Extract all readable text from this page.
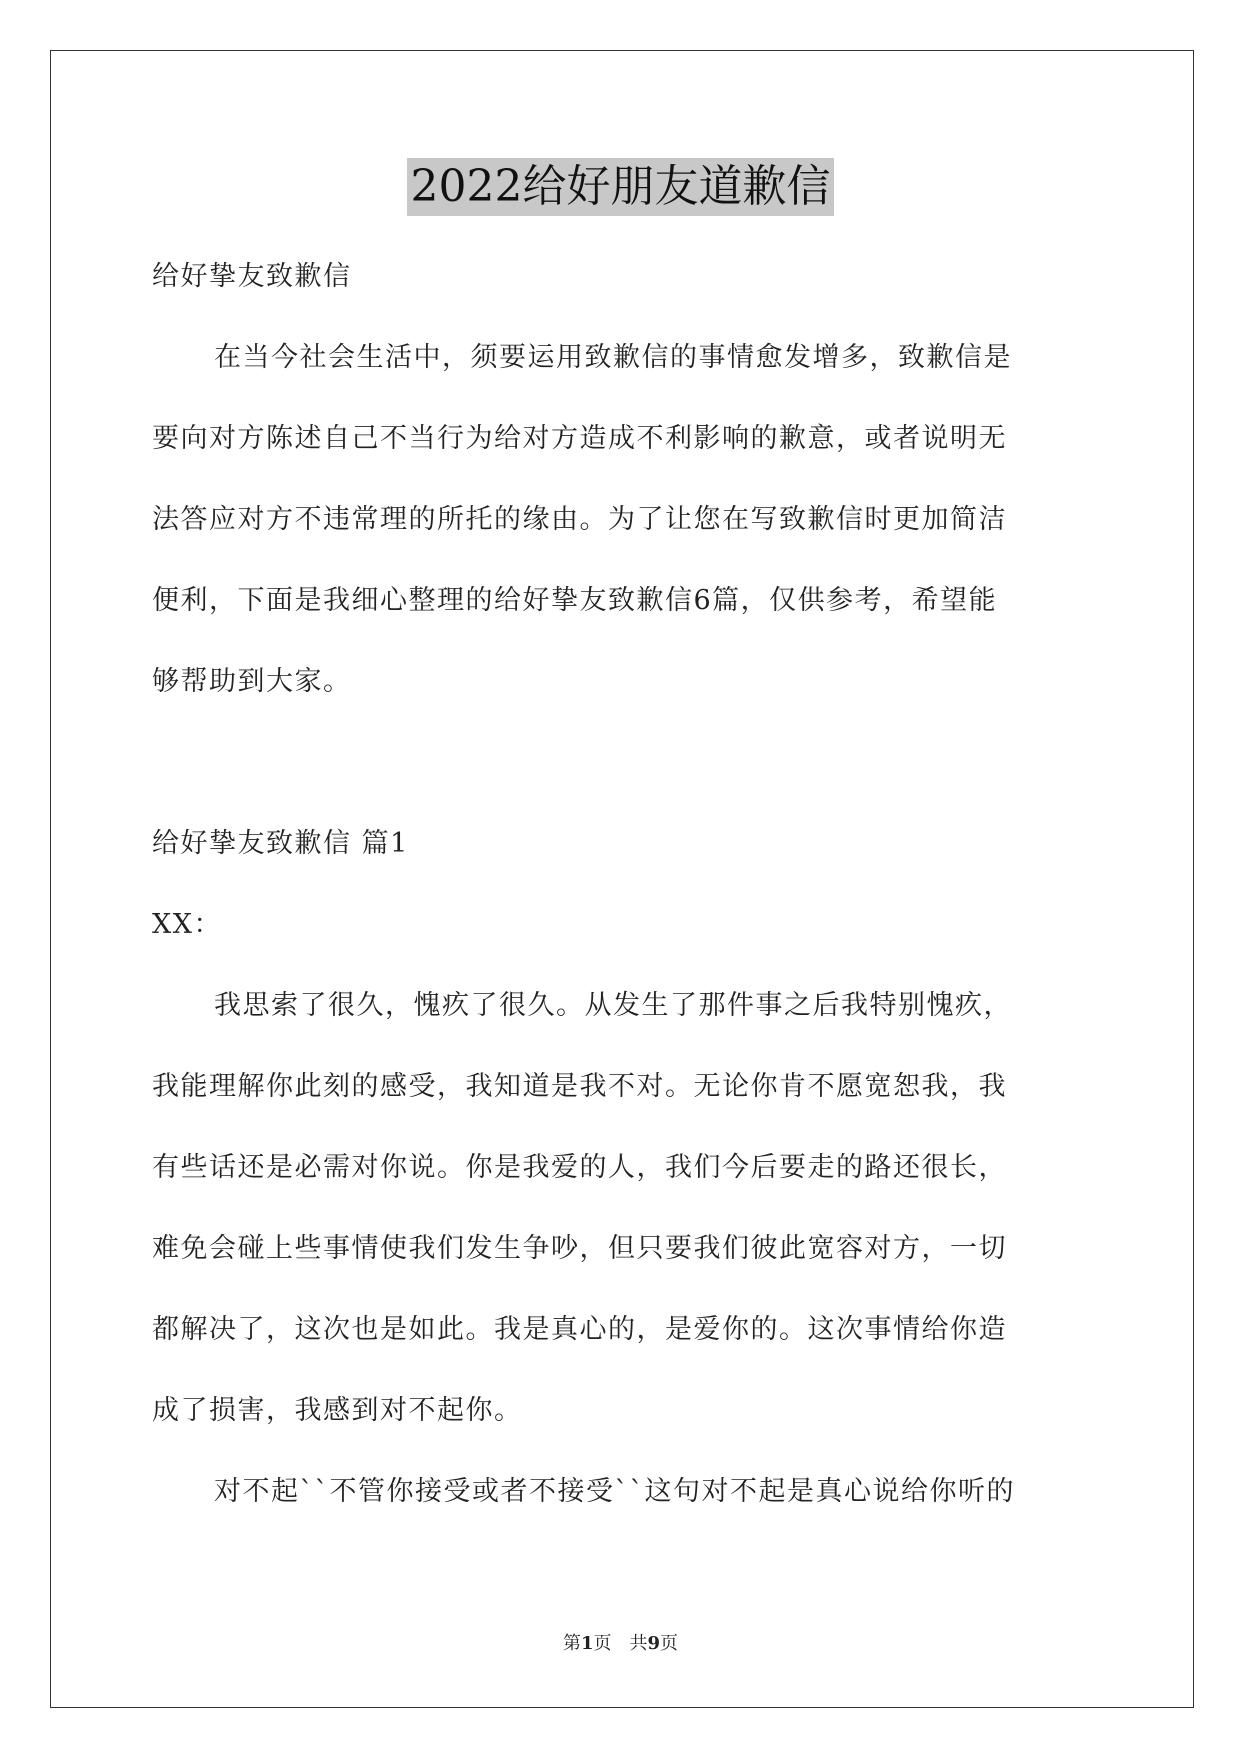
2022给好朋友道歉信
给好挚友致歉信
在当今社会生活中，须要运用致歉信的事情愈发增多，致歉信是
要向对方陈述自己不当行为给对方造成不利影响的歉意，或者说明无
法答应对方不违常理的所托的缘由。为了让您在写致歉信时更加简洁
便利，下面是我细心整理的给好挚友致歉信6篇，仅供参考，希望能
够帮助到大家。
给好挚友致歉信 篇1
XX：
我思索了很久，愧疚了很久。从发生了那件事之后我特别愧疚，
我能理解你此刻的感受，我知道是我不对。无论你肯不愿宽恕我，我
有些话还是必需对你说。你是我爱的人，我们今后要走的路还很长，
难免会碰上些事情使我们发生争吵，但只要我们彼此宽容对方，一切
都解决了，这次也是如此。我是真心的，是爱你的。这次事情给你造
成了损害，我感到对不起你。
对不起``不管你接受或者不接受``这句对不起是真心说给你听的
第1页　共9页
